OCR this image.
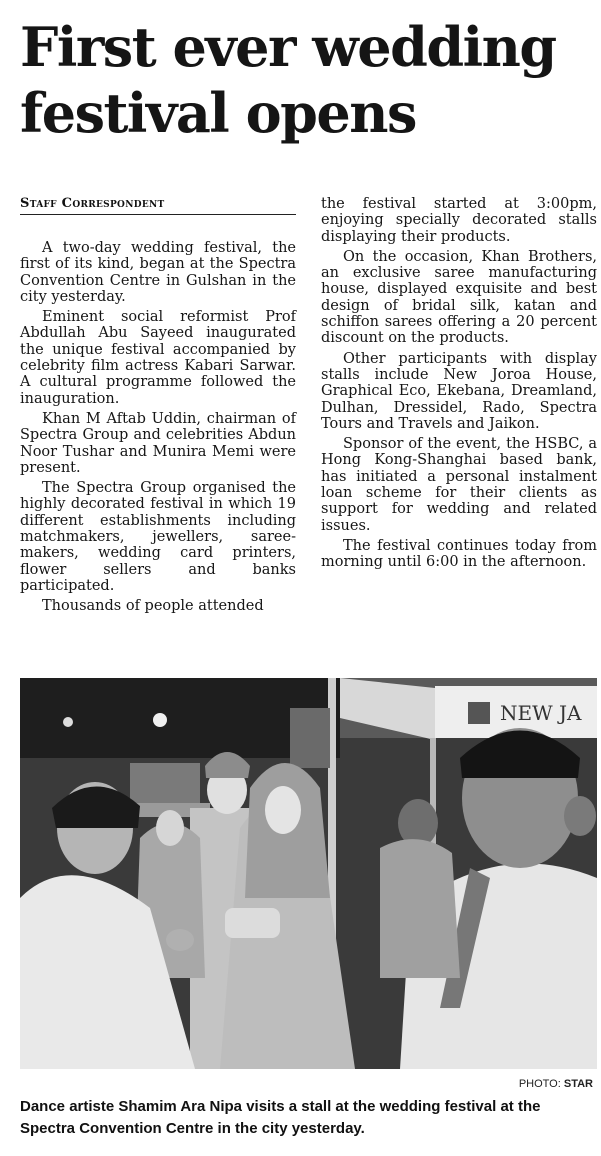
First ever wedding festival opens
Staff Correspondent

A two-day wedding festival, the first of its kind, began at the Spectra Convention Centre in Gulshan in the city yesterday.

Eminent social reformist Prof Abdullah Abu Sayeed inaugurated the unique festival accompanied by celebrity film actress Kabari Sarwar. A cultural programme followed the inauguration.

Khan M Aftab Uddin, chairman of Spectra Group and celebrities Abdun Noor Tushar and Munira Memi were present.

The Spectra Group organised the highly decorated festival in which 19 different establishments including matchmakers, jewellers, saree-makers, wedding card printers, flower sellers and banks participated.

Thousands of people attended

the festival started at 3:00pm, enjoying specially decorated stalls displaying their products.

On the occasion, Khan Brothers, an exclusive saree manufacturing house, displayed exquisite and best design of bridal silk, katan and schiffon sarees offering a 20 percent discount on the products.

Other participants with display stalls include New Joroa House, Graphical Eco, Ekebana, Dreamland, Dulhan, Dressidel, Rado, Spectra Tours and Travels and Jaikon.

Sponsor of the event, the HSBC, a Hong Kong-Shanghai based bank, has initiated a personal instalment loan scheme for their clients as support for wedding and related issues.

The festival continues today from morning until 6:00 in the afternoon.

NEW JA
PHOTO: STAR
Dance artiste Shamim Ara Nipa visits a stall at the wedding festival at the Spectra Convention Centre in the city yesterday.
